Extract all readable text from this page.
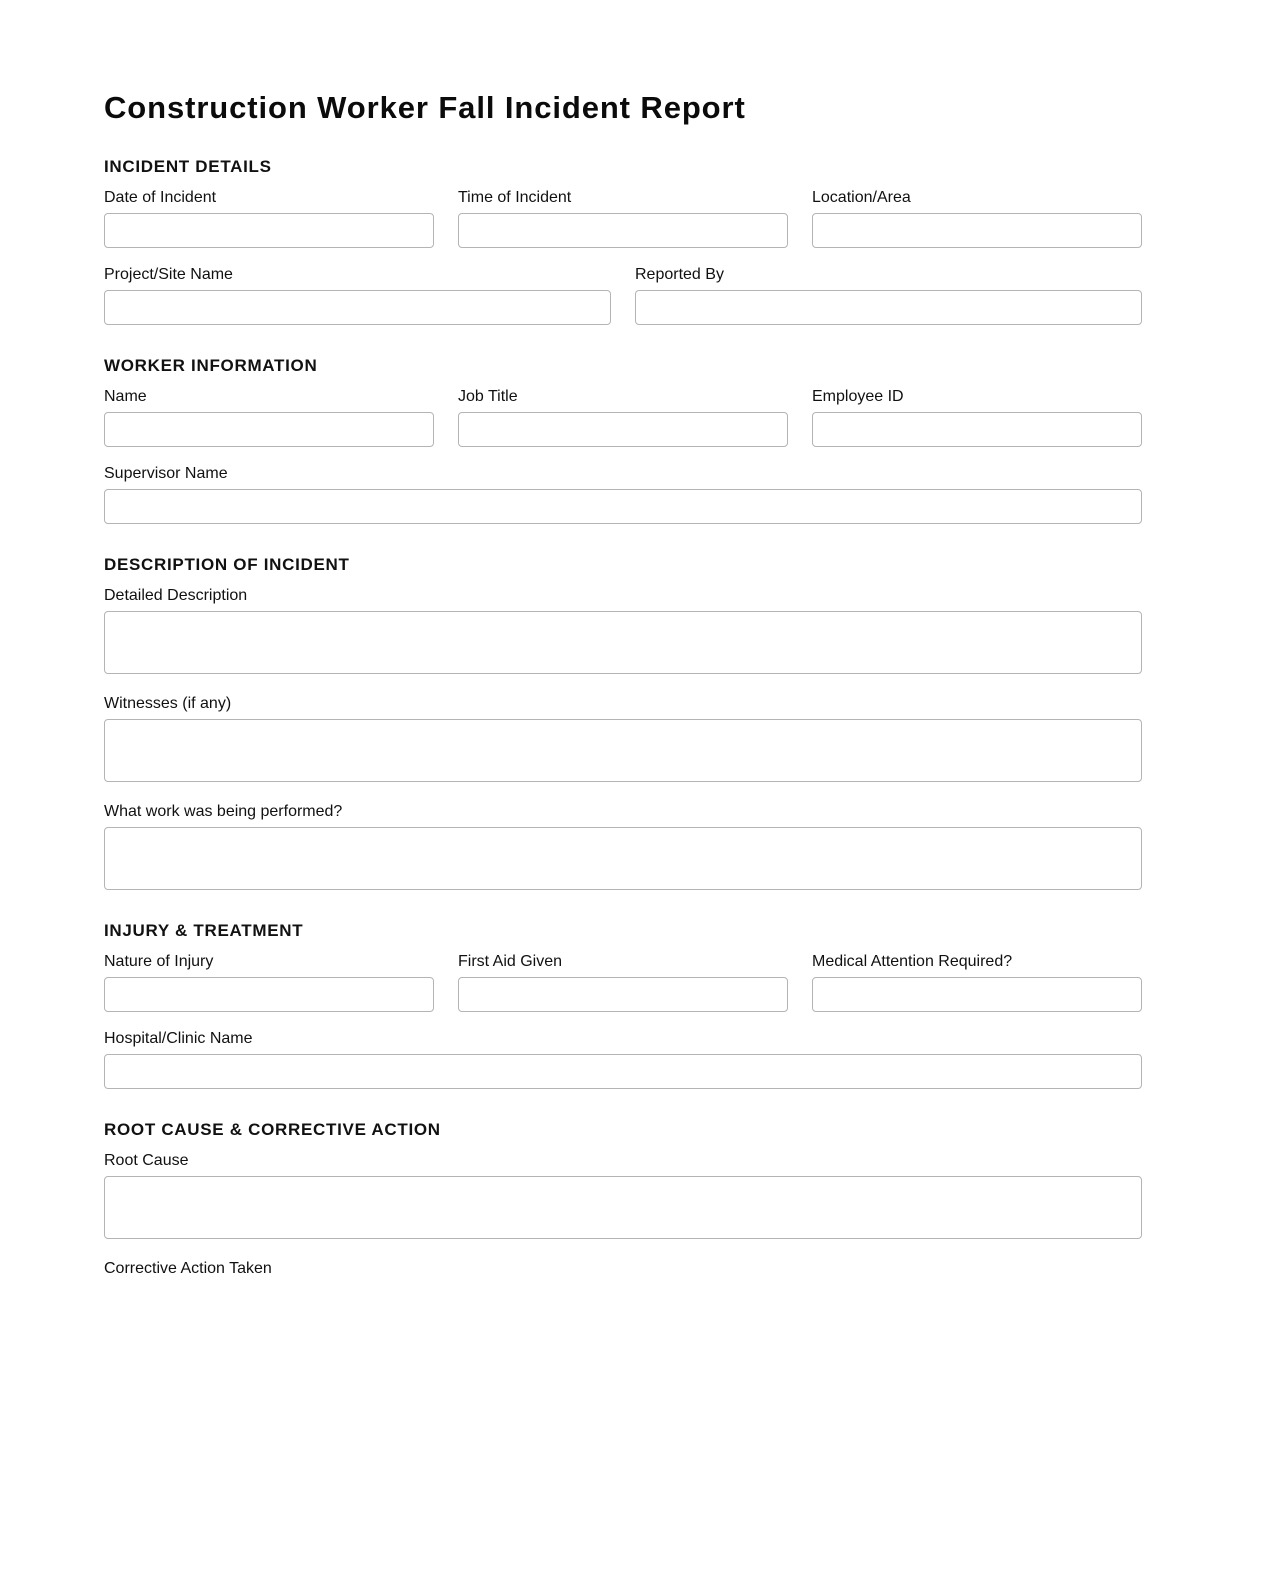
Construction Worker Fall Incident Report
INCIDENT DETAILS
Date of Incident	Time of Incident	Location/Area
Project/Site Name	Reported By
WORKER INFORMATION
Name	Job Title	Employee ID
Supervisor Name
DESCRIPTION OF INCIDENT
Detailed Description
Witnesses (if any)
What work was being performed?
INJURY & TREATMENT
Nature of Injury	First Aid Given	Medical Attention Required?
Hospital/Clinic Name
ROOT CAUSE & CORRECTIVE ACTION
Root Cause
Corrective Action Taken
